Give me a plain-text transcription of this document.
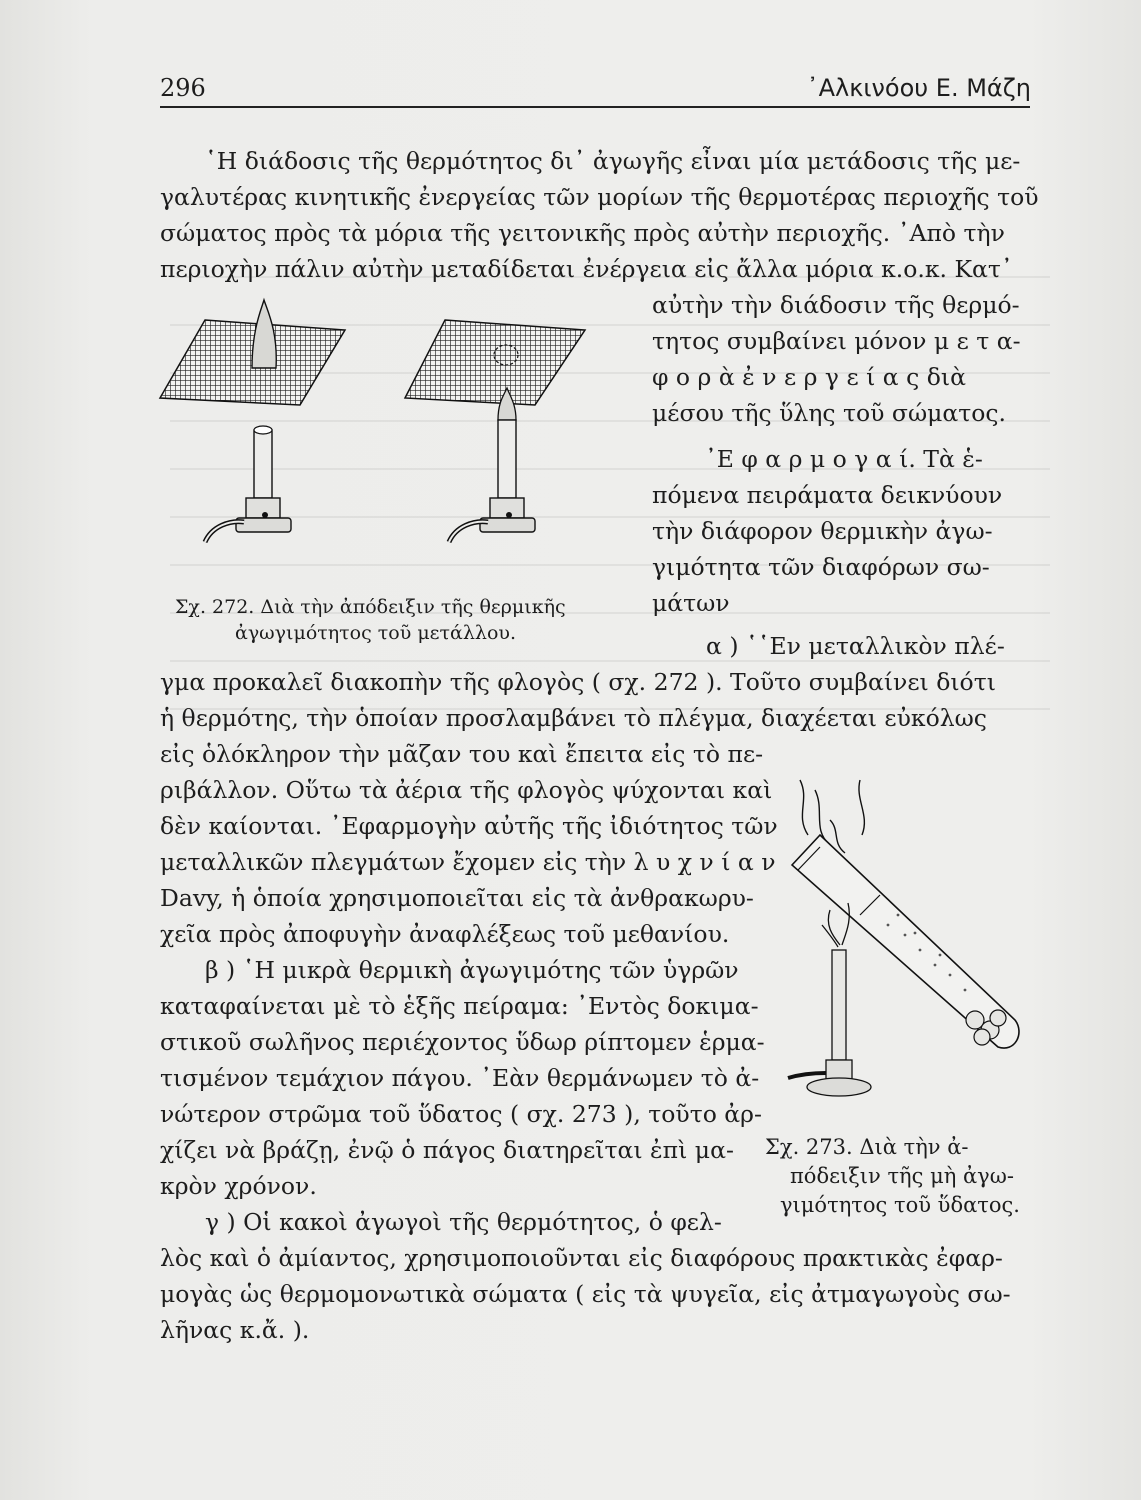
296	᾿Αλκινόου Ε. Μάζη
῾Η διάδοσις τῆς θερμότητος δι᾿ ἀγωγῆς εἶναι μία μετάδοσις τῆς με-
γαλυτέρας κινητικῆς ἐνεργείας τῶν μορίων τῆς θερμοτέρας περιοχῆς τοῦ
σώματος πρὸς τὰ μόρια τῆς γειτονικῆς πρὸς αὐτὴν περιοχῆς. ᾿Απὸ τὴν
περιοχὴν πάλιν αὐτὴν μεταδίδεται ἐνέργεια εἰς ἄλλα μόρια κ.ο.κ. Κατ᾿
αὐτὴν τὴν διάδοσιν τῆς θερμό-
τητος συμβαίνει μόνον μ ε τ α-
φ ο ρ ὰ ἐ ν ε ρ γ ε ί α ς διὰ
μέσου τῆς ὕλης τοῦ σώματος.
᾿Ε φ α ρ μ ο γ α ί. Τὰ ἑ-
πόμενα πειράματα δεικνύουν
τὴν διάφορον θερμικὴν ἀγω-
γιμότητα τῶν διαφόρων σω-
μάτων
Σχ. 272. Διὰ τὴν ἀπόδειξιν τῆς θερμικῆς
ἀγωγιμότητος τοῦ μετάλλου.	α ) ῾῾Εν μεταλλικὸν πλέ-
γμα προκαλεῖ διακοπὴν τῆς φλογὸς ( σχ. 272 ). Τοῦτο συμβαίνει διότι
ἡ θερμότης, τὴν ὁποίαν προσλαμβάνει τὸ πλέγμα, διαχέεται εὐκόλως
εἰς ὁλόκληρον τὴν μᾶζαν του καὶ ἔπειτα εἰς τὸ πε-
ριβάλλον. Οὕτω τὰ ἀέρια τῆς φλογὸς ψύχονται καὶ
δὲν καίονται. ᾿Εφαρμογὴν αὐτῆς τῆς ἰδιότητος τῶν
μεταλλικῶν πλεγμάτων ἔχομεν εἰς τὴν λ υ χ ν ί α ν
Davy, ἡ ὁποία χρησιμοποιεῖται εἰς τὰ ἀνθρακωρυ-
χεῖα πρὸς ἀποφυγὴν ἀναφλέξεως τοῦ μεθανίου.
β ) ῾Η μικρὰ θερμικὴ ἀγωγιμότης τῶν ὑγρῶν
καταφαίνεται μὲ τὸ ἑξῆς πείραμα: ᾿Εντὸς δοκιμα-
στικοῦ σωλῆνος περιέχοντος ὕδωρ ρίπτομεν ἑρμα-
τισμένον τεμάχιον πάγου. ᾿Εὰν θερμάνωμεν τὸ ἀ-
νώτερον στρῶμα τοῦ ὕδατος ( σχ. 273 ), τοῦτο ἀρ-
χίζει νὰ βράζῃ, ἐνῷ ὁ πάγος διατηρεῖται ἐπὶ μα-
κρὸν χρόνον.
Σχ. 273. Διὰ τὴν ἀ-
πόδειξιν τῆς μὴ ἀγω-
γιμότητος τοῦ ὕδατος.
γ ) Οἱ κακοὶ ἀγωγοὶ τῆς θερμότητος, ὁ φελ-
λὸς καὶ ὁ ἀμίαντος, χρησιμοποιοῦνται εἰς διαφόρους πρακτικὰς ἐφαρ-
μογὰς ὡς θερμομονωτικὰ σώματα ( εἰς τὰ ψυγεῖα, εἰς ἀτμαγωγοὺς σω-
λῆνας κ.ἄ. ).
